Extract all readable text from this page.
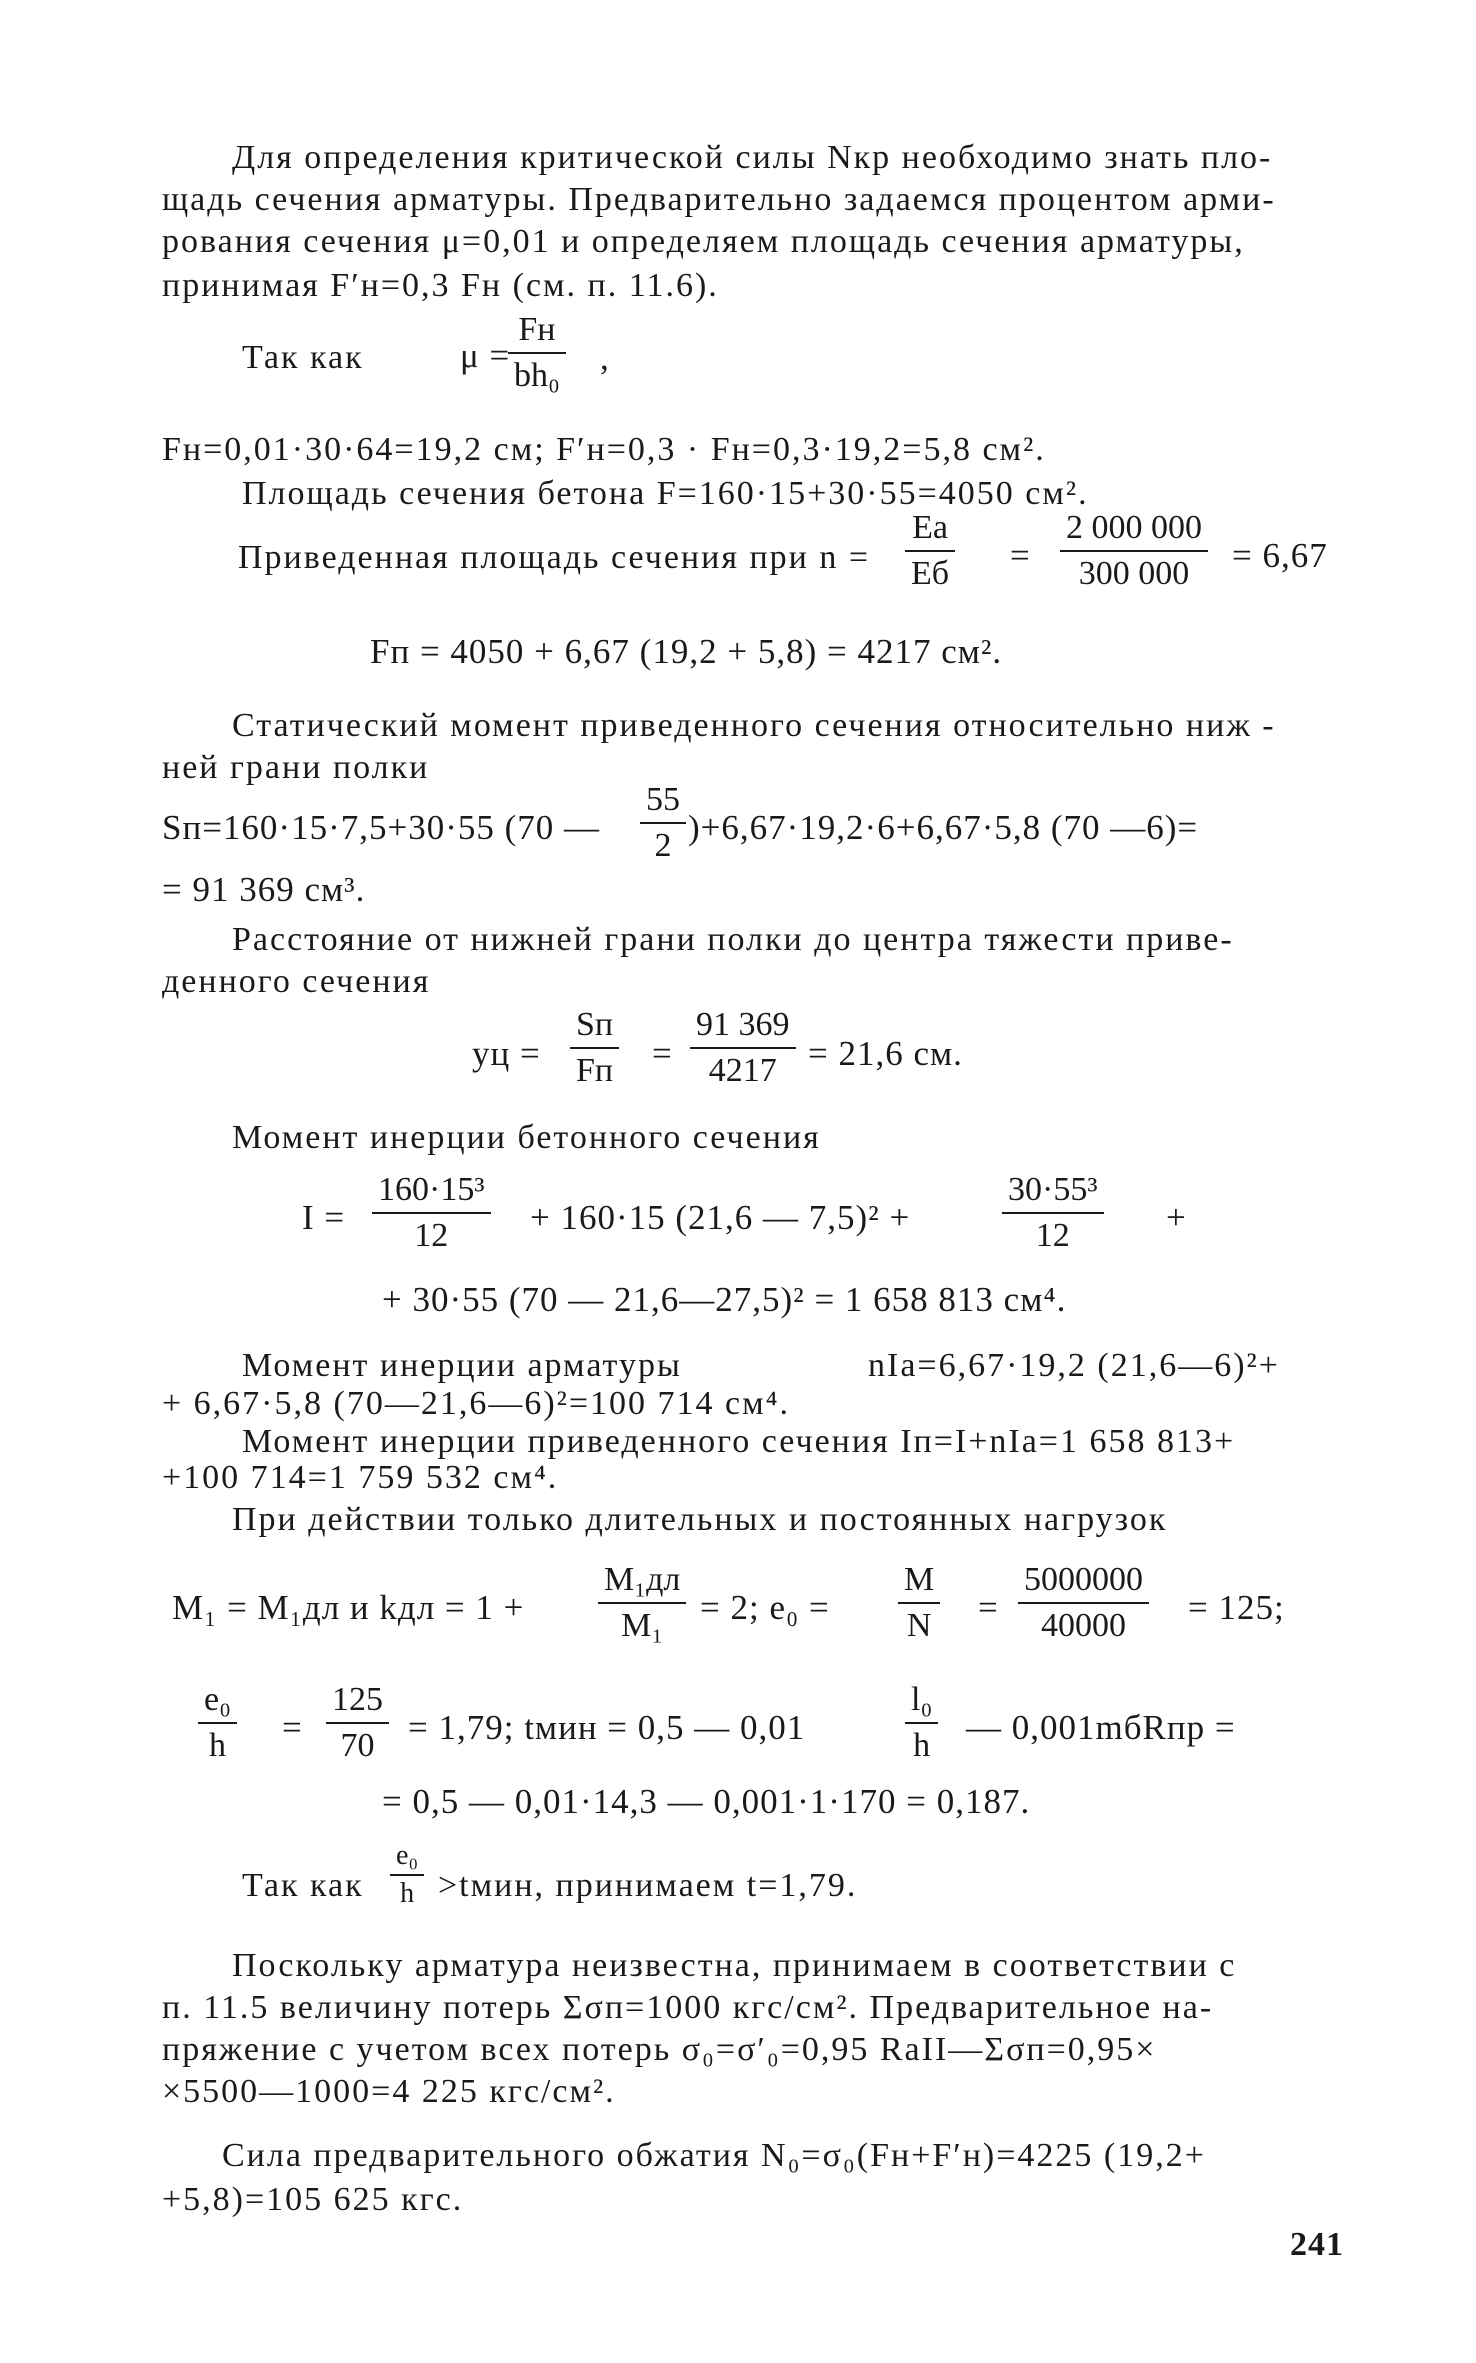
Для определения критической силы Nкр необходимо знать пло-
щадь сечения арматуры. Предварительно задаемся процентом арми-
рования сечения μ=0,01 и определяем площадь сечения арматуры,
принимая F′н=0,3 Fн (см. п. 11.6).
Так как	μ =
Fн
bh₀ ,
Fн=0,01·30·64=19,2 см; F′н=0,3 · Fн=0,3·19,2=5,8 см².
Площадь сечения бетона F=160·15+30·55=4050 см².
Приведенная площадь сечения при n =
Eа
Eб =
2 000 000
300 000 = 6,67
Fп = 4050 + 6,67 (19,2 + 5,8) = 4217 см².
Статический момент приведенного сечения относительно ниж -
ней грани полки
Sп=160·15·7,5+30·55 (70 —
55
2 )+6,67·19,2·6+6,67·5,8 (70 —6)=
= 91 369 см³.
Расстояние от нижней грани полки до центра тяжести приве-
денного сечения
yц =
Sп
Fп =
91 369
4217 = 21,6 см.
Момент инерции бетонного сечения
I =
160·15³
12 + 160·15 (21,6 — 7,5)² +
30·55³
12	+
+ 30·55 (70 — 21,6—27,5)² = 1 658 813 см⁴.
Момент инерции арматуры	nIа=6,67·19,2 (21,6—6)²+
+ 6,67·5,8 (70—21,6—6)²=100 714 см⁴.
Момент инерции приведенного сечения Iп=I+nIа=1 658 813+
+100 714=1 759 532 см⁴.
При действии только длительных и постоянных нагрузок
M₁ = M₁дл и kдл = 1 +
M₁дл
M₁ = 2; e₀ =
M
N =
5000000
40000 = 125;
e₀
h =
125
70 = 1,79; tмин = 0,5 — 0,01
l₀
h — 0,001mбRпр =
= 0,5 — 0,01·14,3 — 0,001·1·170 = 0,187.
Так как
e₀
h >tмин, принимаем t=1,79.
Поскольку арматура неизвестна, принимаем в соответствии с
п. 11.5 величину потерь Σσп=1000 кгс/см². Предварительное на-
пряжение с учетом всех потерь σ₀=σ′₀=0,95 RаII—Σσп=0,95×
×5500—1000=4 225 кгс/см².
Сила предварительного обжатия N₀=σ₀(Fн+F′н)=4225 (19,2+
+5,8)=105 625 кгс.
241
